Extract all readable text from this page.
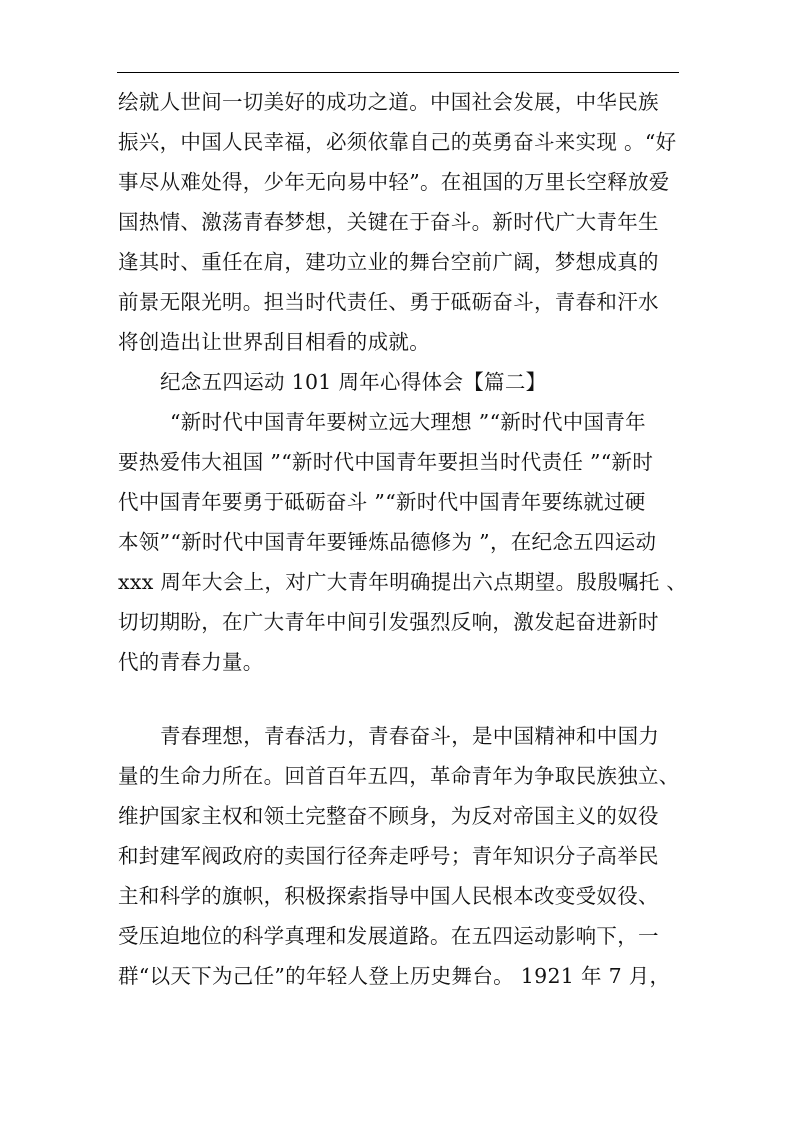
绘就人世间一切美好的成功之道。中国社会发展，中华民族
振兴，中国人民幸福，必须依靠自己的英勇奋斗来实现 。“好
事尽从难处得，少年无向易中轻”。在祖国的万里长空释放爱
国热情、激荡青春梦想，关键在于奋斗。新时代广大青年生
逢其时、重任在肩，建功立业的舞台空前广阔，梦想成真的
前景无限光明。担当时代责任、勇于砥砺奋斗，青春和汗水
将创造出让世界刮目相看的成就。
纪念五四运动 101 周年心得体会【篇二】
“新时代中国青年要树立远大理想 ”“新时代中国青年
要热爱伟大祖国 ”“新时代中国青年要担当时代责任 ”“新时
代中国青年要勇于砥砺奋斗 ”“新时代中国青年要练就过硬
本领”“新时代中国青年要锤炼品德修为 ”，在纪念五四运动
xxx 周年大会上，对广大青年明确提出六点期望。殷殷嘱托 、
切切期盼，在广大青年中间引发强烈反响，激发起奋进新时
代的青春力量。
青春理想，青春活力，青春奋斗，是中国精神和中国力
量的生命力所在。回首百年五四，革命青年为争取民族独立、
维护国家主权和领土完整奋不顾身，为反对帝国主义的奴役
和封建军阀政府的卖国行径奔走呼号；青年知识分子高举民
主和科学的旗帜，积极探索指导中国人民根本改变受奴役、
受压迫地位的科学真理和发展道路。在五四运动影响下，一
群“以天下为己任”的年轻人登上历史舞台。 1921 年 7 月，
